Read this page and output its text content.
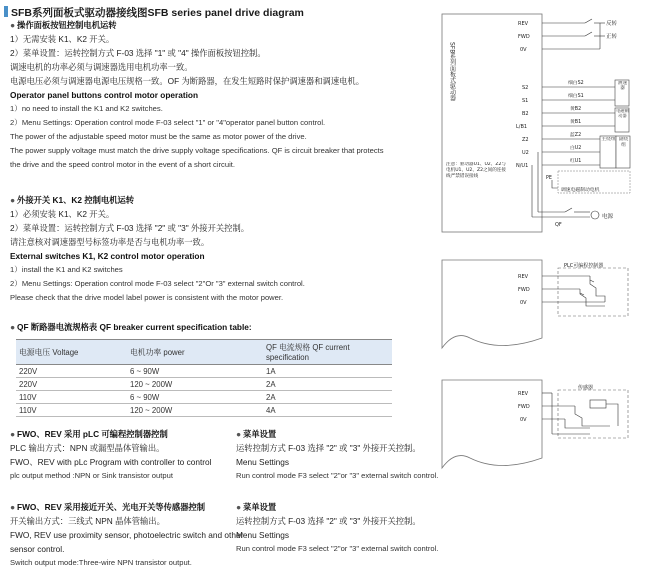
SFB系列面板式驱动器接线图SFB series panel drive diagram
● 操作面板按钮控制电机运转
1）无需安装 K1、K2 开关。
2）菜单设置：运转控制方式 F-03 选择 "1" 或 "4" 操作面板按钮控制。
调速电机的功率必须与调速器选用电机功率一致。
电源电压必须与调速器电源电压规格一致。OF 为断路器，在发生短路时保护调速器和调速电机。
Operator panel buttons control motor operation
1）no need to install the K1 and K2 switches.
2）Menu Settings: Operation control mode F-03 select "1" or "4"operator panel button control.
The power of the adjustable speed motor must be the same as motor power of the drive.
The power supply voltage must match the drive supply voltage specifications. QF is circuit breaker that protects
the drive and the speed control motor in the event of a short circuit.
● 外接开关 K1、K2 控制电机运转
1）必须安装 K1、K2 开关。
2）菜单设置：运转控制方式 F-03 选择 "2" 或 "3" 外接开关控制。
请注意核对调速器型号标签功率是否与电机功率一致。
External switches K1, K2 control motor operation
1）install the K1 and K2 switches
2）Menu Settings: Operation control mode F-03 select "2"Or "3" external switch control.
Please check that the drive model label power is consistent with the motor power.
● QF 断路器电流规格表 QF breaker current specification table:
电源电压 Voltage	电机功率 power	QF 电流规格 QF current specification
220V	6 ~ 90W	1A
220V	120 ~ 200W	2A
110V	6 ~ 90W	2A
110V	120 ~ 200W	4A
● FWO、REV 采用 pLC 可编程控制器控制
PLC 输出方式：NPN 或漏型晶体管输出。
FWO、REV with pLc Program with controller to control
plc output method :NPN or Sink transistor output
● 菜单设置
运转控制方式 F-03 选择 "2" 或 "3" 外接开关控制。
Menu Settings
Run control mode F3 select "2"or "3" external switch control.
● FWO、REV 采用接近开关、光电开关等传感器控制
开关输出方式：三线式 NPN 晶体管输出。
FWO, REV use proximity sensor, photoelectric switch and other
sensor control.
Switch output mode:Three-wire NPN transistor output.
● 菜单设置
运转控制方式 F-03 选择 "2" 或 "3" 外接开关控制。
Menu Settings
Run control mode F3 select "2"or "3" external switch control.
SFB系列面板式驱动器
注意：驱动器U1、U2、Z2与电机U1、U2、Z2之间的连接线严禁错误接线
REV
FWD
0V
反转
正转
S2
S1
B2
L/B1
Z2
U2
N/U1
细白S2
细白S1
黄B2
黄B1
蓝Z2
白U2
红U1
测速器
电磁制动器
主绕组 副绕组
PE
调速电磁制动电机
QF
电源
REV
FWD
0V
PLC可编程控制器
REV
FWD
0V
传感器
